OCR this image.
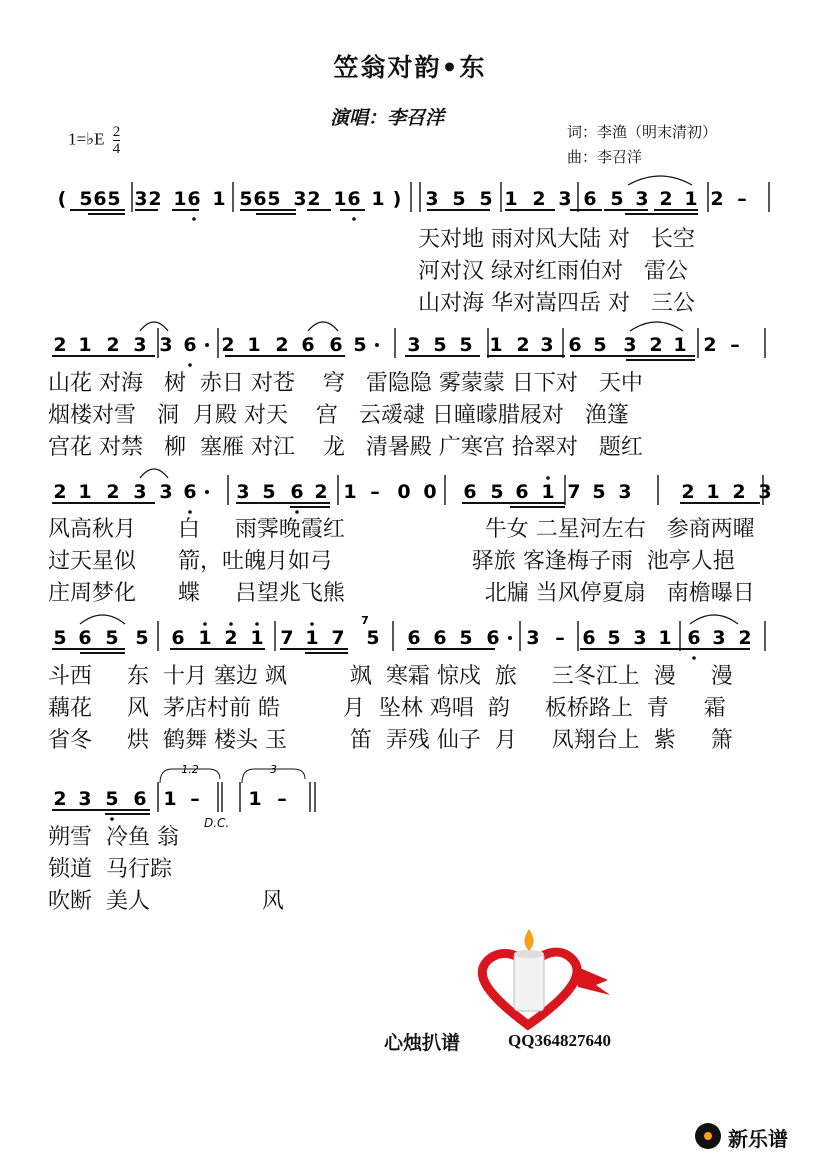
笠翁对韵•东
演唱：李召洋
词：李渔（明末清初）
曲：李召洋
1=♭E $\frac{2}{4}$
( 5 6 5 3 2 1 6 1 5 6 5 3 2 1 6 1 ) 3 5 5 1 2 3 6 5 3 2 1 2 –
2 1 2 3 3 6 2 1 2 6 6 5 3 5 5 1 2 3 6 5 3 2 1 2 –
2 1 2 3 3 6 3 5 6 2 1 – 0 0 6 5 6 1 7 5 3	2 1 2 3
5 6 5 5 6 1 2 1 7 1 7 5 6 6 5 6 3 – 6 5 3 1 6 3 2
7
2 3 5 6 1 –	1 –
1.2	3
天对地 雨对风大陆 对   长空
河对汉 绿对红雨伯对   雷公
山对海 华对嵩四岳 对   三公
山花 对海   树  赤日 对苍    穹   雷隐隐 雾蒙蒙 日下对   天中
烟楼对雪   洞  月殿 对天    宫   云叆叇 日曈曚腊屐对   渔篷
宫花 对禁   柳  塞雁 对江    龙   清暑殿 广寒宫 拾翠对   题红
风高秋月      白     雨霁晚霞红                    牛女 二星河左右   参商两曜
过天星似      箭，吐魄月如弓                    驿旅 客逢梅子雨  池亭人挹
庄周梦化      蝶     吕望兆飞熊                    北牖 当风停夏扇   南檐曝日
斗西     东  十月 塞边 飒         飒  寒霜 惊戍  旅     三冬江上  漫     漫
藕花     风  茅店村前 皓         月  坠林 鸡唱  韵     板桥路上  青     霜
省冬     烘  鹤舞 楼头 玉         笛  弄残 仙子  月     凤翔台上  紫     箫
朔雪  冷鱼 翁
锁道  马行踪
吹断  美人                风
D.C.
心烛扒谱	QQ364827640
新乐谱
